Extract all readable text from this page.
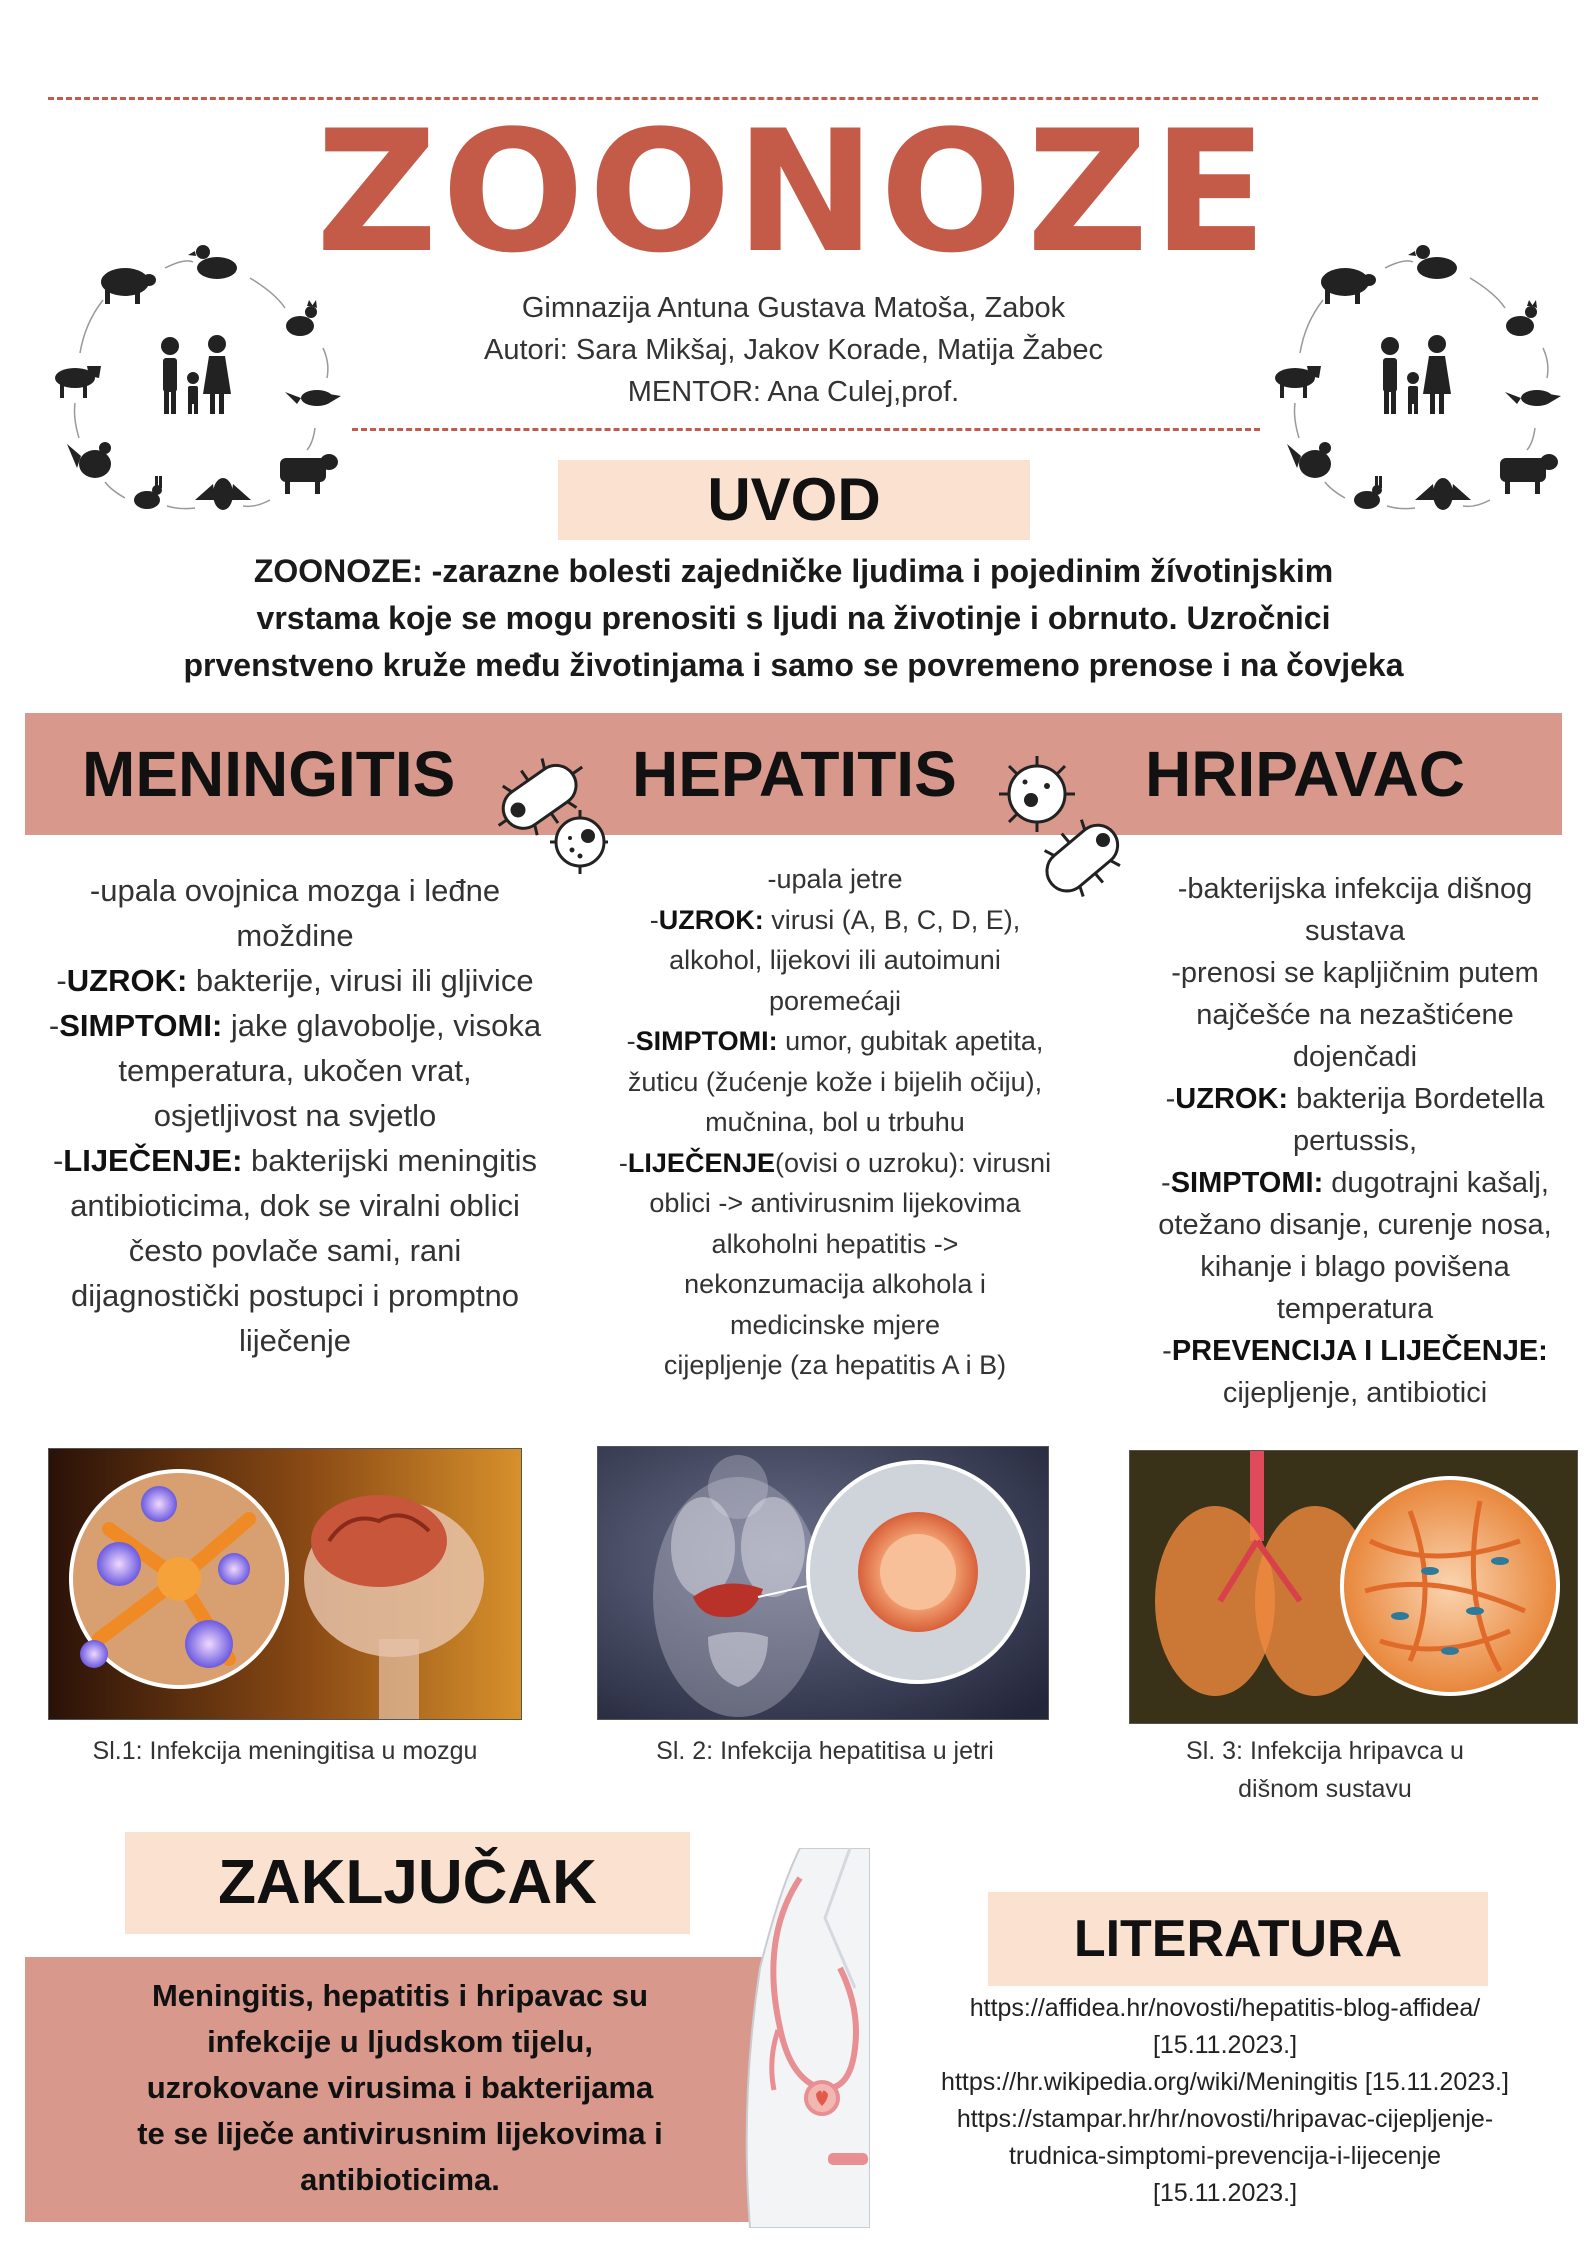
ZOONOZE
Gimnazija Antuna Gustava Matoša, Zabok
Autori: Sara Mikšaj, Jakov Korade, Matija Žabec
MENTOR: Ana Culej,prof.
UVOD
ZOONOZE: -zarazne bolesti zajedničke ljudima i pojedinim žívotinjskim
vrstama koje se mogu prenositi s ljudi na životinje i obrnuto. Uzročnici
prvenstveno kruže među životinjama i samo se povremeno prenose i na čovjeka
MENINGITIS	HEPATITIS	HRIPAVAC

-upala ovojnica mozga i leđne

moždine

-UZROK: bakterije, virusi ili gljivice

-SIMPTOMI: jake glavobolje, visoka

temperatura, ukočen vrat,

osjetljivost na svjetlo

-LIJEČENJE: bakterijski meningitis

antibioticima, dok se viralni oblici

često povlače sami, rani

dijagnostički postupci i promptno

liječenje

-upala jetre

-UZROK: virusi (A, B, C, D, E),

alkohol, lijekovi ili autoimuni

poremećaji

-SIMPTOMI: umor, gubitak apetita,

žuticu (žućenje kože i bijelih očiju),

mučnina, bol u trbuhu

-LIJEČENJE(ovisi o uzroku): virusni

oblici -> antivirusnim lijekovima

alkoholni hepatitis ->

nekonzumacija alkohola i

medicinske mjere

cijepljenje (za hepatitis A i B)

-bakterijska infekcija dišnog

sustava

-prenosi se kapljičnim putem

najčešće na nezaštićene

dojenčadi

-UZROK: bakterija Bordetella

pertussis,

-SIMPTOMI: dugotrajni kašalj,

otežano disanje, curenje nosa,

kihanje i blago povišena

temperatura

-PREVENCIJA I LIJEČENJE:

cijepljenje, antibiotici

Sl.1: Infekcija meningitisa u mozgu	Sl. 2: Infekcija hepatitisa u jetri	Sl. 3: Infekcija hripavca u
dišnom sustavu
ZAKLJUČAK
Meningitis, hepatitis i hripavac su
infekcije u ljudskom tijelu,
uzrokovane virusima i bakterijama
te se liječe antivirusnim lijekovima i
antibioticima.
LITERATURA
https://affidea.hr/novosti/hepatitis-blog-affidea/
[15.11.2023.]
https://hr.wikipedia.org/wiki/Meningitis [15.11.2023.]
https://stampar.hr/hr/novosti/hripavac-cijepljenje-
trudnica-simptomi-prevencija-i-lijecenje
[15.11.2023.]
